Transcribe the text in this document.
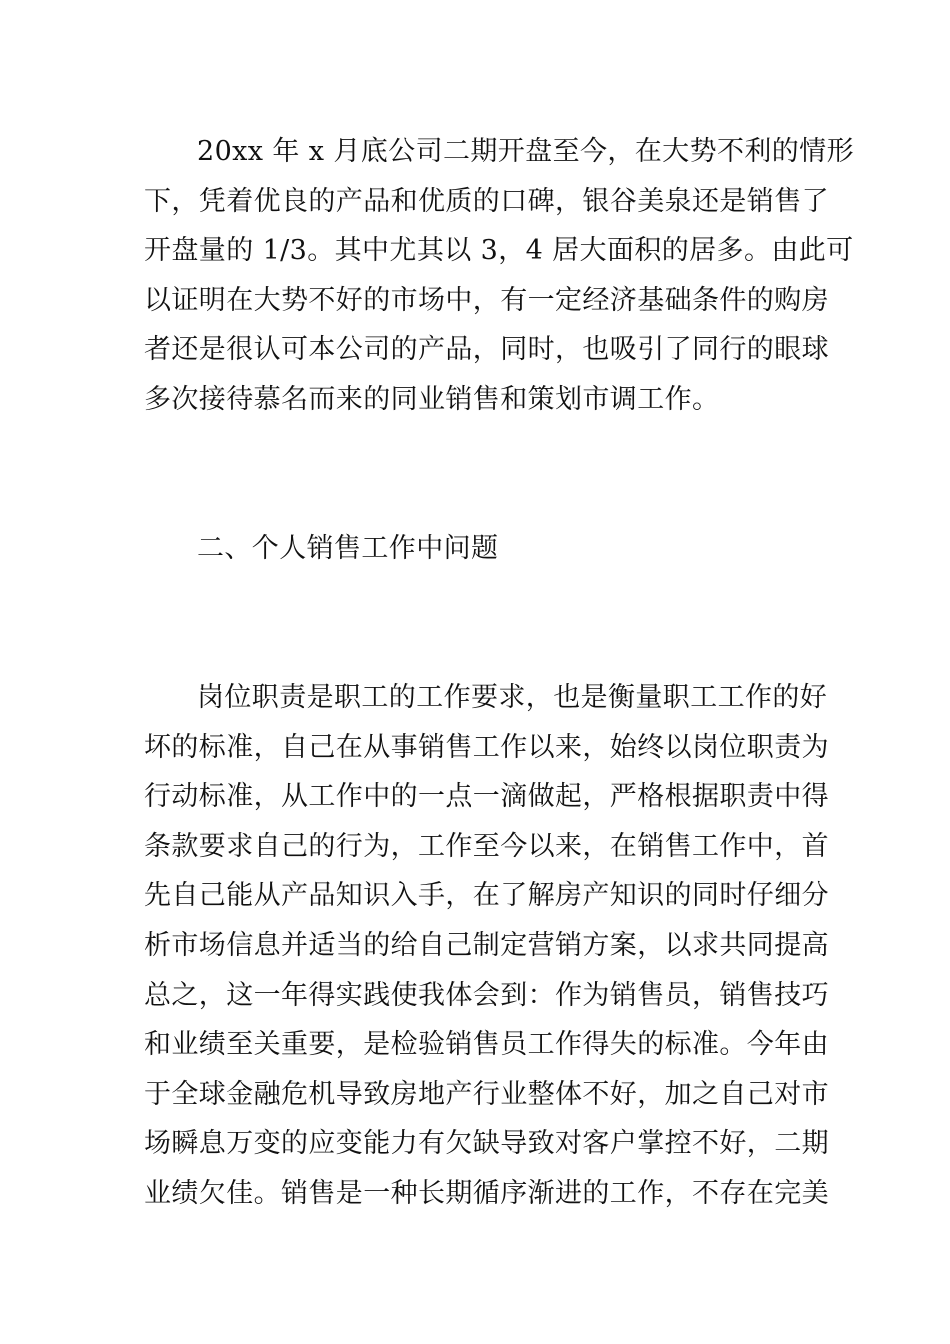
20xx 年 x 月底公司二期开盘至今，在大势不利的情形
下，凭着优良的产品和优质的口碑，银谷美泉还是销售了
开盘量的 1/3。其中尤其以 3，4 居大面积的居多。由此可
以证明在大势不好的市场中，有一定经济基础条件的购房
者还是很认可本公司的产品，同时，也吸引了同行的眼球
多次接待慕名而来的同业销售和策划市调工作。
二、个人销售工作中问题
岗位职责是职工的工作要求，也是衡量职工工作的好
坏的标准，自己在从事销售工作以来，始终以岗位职责为
行动标准，从工作中的一点一滴做起，严格根据职责中得
条款要求自己的行为，工作至今以来，在销售工作中，首
先自己能从产品知识入手，在了解房产知识的同时仔细分
析市场信息并适当的给自己制定营销方案，以求共同提高
总之，这一年得实践使我体会到：作为销售员，销售技巧
和业绩至关重要，是检验销售员工作得失的标准。今年由
于全球金融危机导致房地产行业整体不好，加之自己对市
场瞬息万变的应变能力有欠缺导致对客户掌控不好，二期
业绩欠佳。销售是一种长期循序渐进的工作，不存在完美
